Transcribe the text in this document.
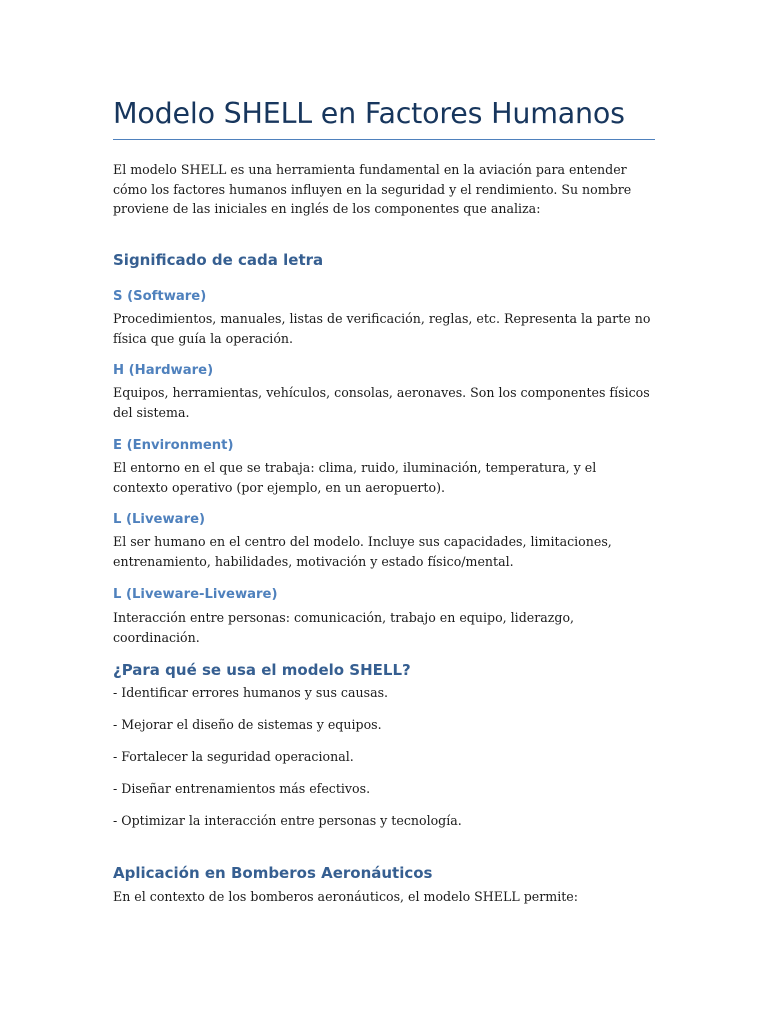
Modelo SHELL en Factores Humanos

El modelo SHELL es una herramienta fundamental en la aviación para entender cómo los factores humanos influyen en la seguridad y el rendimiento. Su nombre proviene de las iniciales en inglés de los componentes que analiza:

Significado de cada letra
S (Software)

Procedimientos, manuales, listas de verificación, reglas, etc. Representa la parte no física que guía la operación.

H (Hardware)

Equipos, herramientas, vehículos, consolas, aeronaves. Son los componentes físicos del sistema.

E (Environment)

El entorno en el que se trabaja: clima, ruido, iluminación, temperatura, y el contexto operativo (por ejemplo, en un aeropuerto).

L (Liveware)

El ser humano en el centro del modelo. Incluye sus capacidades, limitaciones, entrenamiento, habilidades, motivación y estado físico/mental.

L (Liveware-Liveware)

Interacción entre personas: comunicación, trabajo en equipo, liderazgo, coordinación.

¿Para qué se usa el modelo SHELL?

- Identificar errores humanos y sus causas.

- Mejorar el diseño de sistemas y equipos.

- Fortalecer la seguridad operacional.

- Diseñar entrenamientos más efectivos.

- Optimizar la interacción entre personas y tecnología.

Aplicación en Bomberos Aeronáuticos

En el contexto de los bomberos aeronáuticos, el modelo SHELL permite:
